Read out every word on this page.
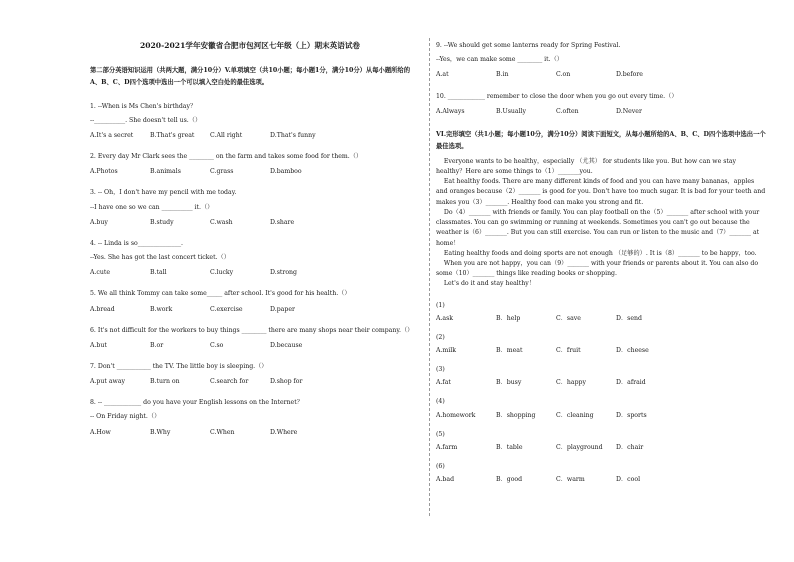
2020-2021学年安徽省合肥市包河区七年级（上）期末英语试卷
第二部分英语知识运用（共两大题，满分10分）V.单项填空（共10小题；每小题1分，满分10分）从每小题所给的A、B、C、D四个选项中选出一个可以填入空白处的最佳选项。
1. --When is Ms Chen's birthday？

--__________. She doesn't tell us.（）
A.It's a secret	B.That's great	C.All right	D.That's funny
2. Every day Mr Clark sees the ________ on the farm and takes some food for them.（）
A.Photos	B.animals	C.grass	D.bamboo
3. -- Oh，I don't have my pencil with me today.

--I have one so we can __________ it.（）
A.buy	B.study	C.wash	D.share
4. -- Linda is so______________.

--Yes. She has got the last concert ticket.（）
A.cute	B.tall	C.lucky	D.strong
5. We all think Tommy can take some_____ after school. It's good for his health.（）
A.bread	B.work	C.exercise	D.paper
6. It's not difficult for the workers to buy things ________ there are many shops near their company.（）
A.but	B.or	C.so	D.because
7. Don't ___________ the TV. The little boy is sleeping.（）
A.put away	B.turn on	C.search for	D.shop for
8. -- ____________ do you have your English lessons on the Internet？

-- On Friday night.（）
A.How	B.Why	C.When	D.Where
9. --We should get some lanterns ready for Spring Festival.

--Yes，we can make some ________ it.（）
A.at	B.in	C.on	D.before
10. ____________ remember to close the door when you go out every time.（）
A.Always	B.Usually	C.often	D.Never
VI.完形填空（共1小题；每小题10分，满分10分）阅读下面短文，从每小题所给的A、B、C、D四个选项中选出一个最佳选项。
Everyone wants to be healthy，especially （尤其） for students like you. But how can we stay healthy？Here are some things to（1）_______you.
Eat healthy foods. There are many different kinds of food and you can have many bananas，apples and oranges because（2）_______ is good for you. Don't have too much sugar. It is bad for your teeth and makes you（3）_______. Healthy food can make you strong and fit.
Do（4）_______ with friends or family. You can play football on the（5）_______ after school with your classmates. You can go swimming or running at weekends. Sometimes you can't go out because the weather is（6）_______. But you can still exercise. You can run or listen to the music and（7）_______ at home！
Eating healthy foods and doing sports are not enough （足够的）. It is（8）_______ to be happy，too.
When you are not happy，you can（9）_______ with your friends or parents about it. You can also do some（10）_______ things like reading books or shopping.
Let's do it and stay healthy！
(1)
A.ask	B．help	C．save	D．send
(2)
A.milk	B．meat	C．fruit	D．cheese
(3)
A.fat	B．busy	C．happy	D．afraid
(4)
A.homework	B．shopping	C．cleaning	D．sports
(5)
A.farm	B．table	C．playground	D．chair
(6)
A.bad	B．good	C．warm	D．cool
